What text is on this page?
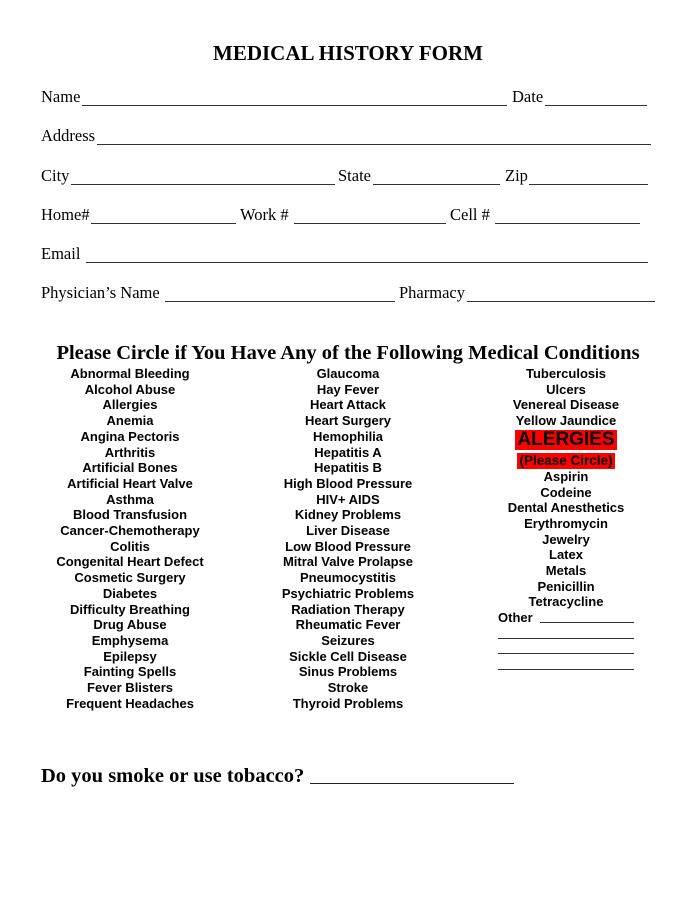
MEDICAL HISTORY FORM
Name	Date
Address
City	State	Zip
Home#	Work #	Cell #
Email
Physician’s Name	Pharmacy
Please Circle if You Have Any of the Following Medical Conditions
Abnormal Bleeding
Alcohol Abuse
Allergies
Anemia
Angina Pectoris
Arthritis
Artificial Bones
Artificial Heart Valve
Asthma
Blood Transfusion
Cancer-Chemotherapy
Colitis
Congenital Heart Defect
Cosmetic Surgery
Diabetes
Difficulty Breathing
Drug Abuse
Emphysema
Epilepsy
Fainting Spells
Fever Blisters
Frequent Headaches
Glaucoma
Hay Fever
Heart Attack
Heart Surgery
Hemophilia
Hepatitis A
Hepatitis B
High Blood Pressure
HIV+ AIDS
Kidney Problems
Liver Disease
Low Blood Pressure
Mitral Valve Prolapse
Pneumocystitis
Psychiatric Problems
Radiation Therapy
Rheumatic Fever
Seizures
Sickle Cell Disease
Sinus Problems
Stroke
Thyroid Problems
Tuberculosis
Ulcers
Venereal Disease
Yellow Jaundice
ALERGIES
(Please Circle)
Aspirin
Codeine
Dental Anesthetics
Erythromycin
Jewelry
Latex
Metals
Penicillin
Tetracycline
Other
Do you smoke or use tobacco?
